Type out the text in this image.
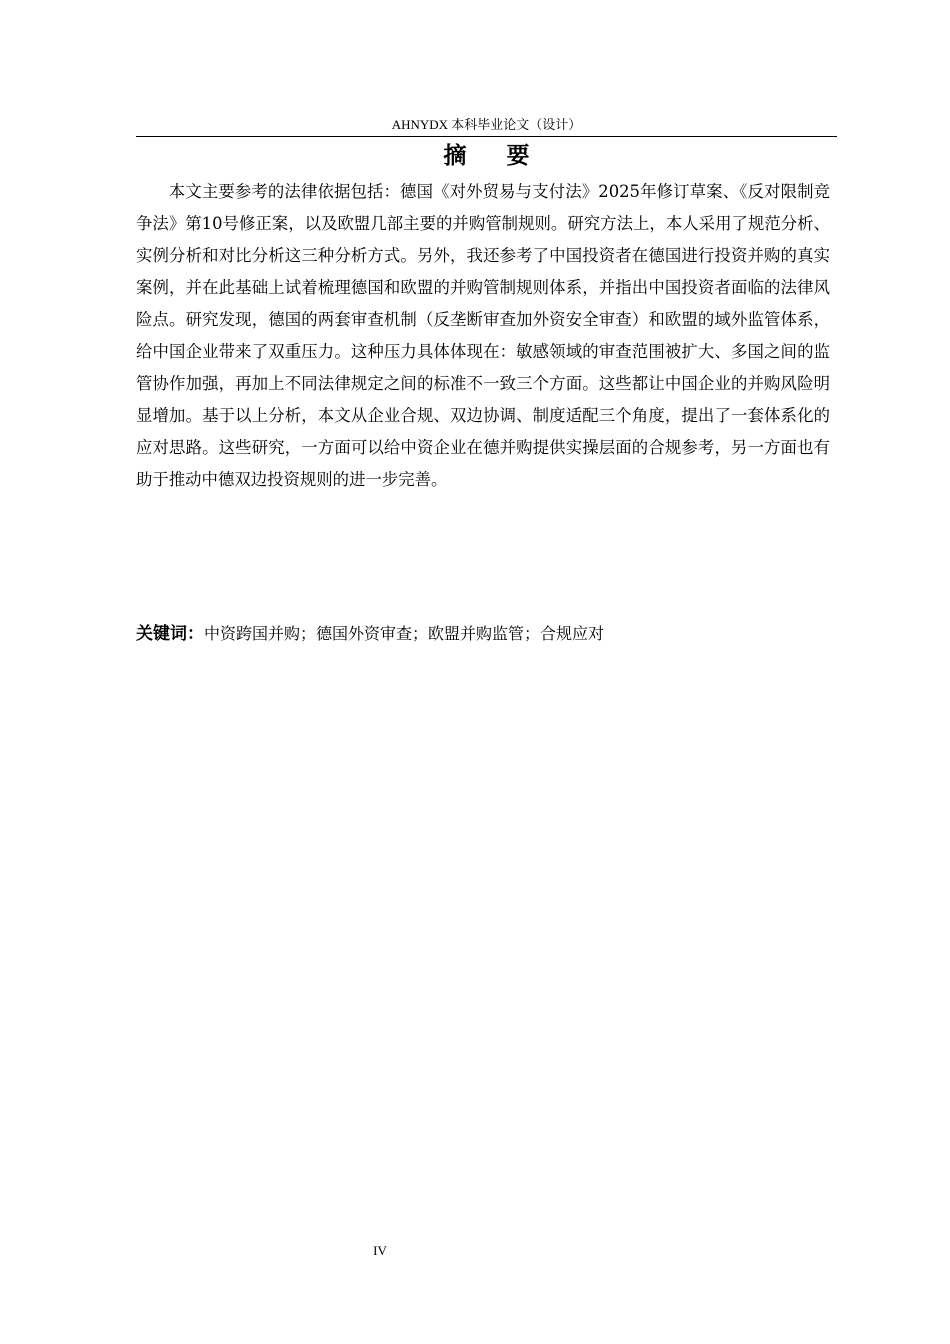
AHNYDX 本科毕业论文（设计）
摘 要

本文主要参考的法律依据包括：德国《对外贸易与支付法》2025年修订草案、《反对限制竞争法》第10号修正案，以及欧盟几部主要的并购管制规则。研究方法上，本人采用了规范分析、实例分析和对比分析这三种分析方式。另外，我还参考了中国投资者在德国进行投资并购的真实案例，并在此基础上试着梳理德国和欧盟的并购管制规则体系，并指出中国投资者面临的法律风险点。研究发现，德国的两套审查机制（反垄断审查加外资安全审查）和欧盟的域外监管体系，给中国企业带来了双重压力。这种压力具体体现在：敏感领域的审查范围被扩大、多国之间的监管协作加强，再加上不同法律规定之间的标准不一致三个方面。这些都让中国企业的并购风险明显增加。基于以上分析，本文从企业合规、双边协调、制度适配三个角度，提出了一套体系化的应对思路。这些研究，一方面可以给中资企业在德并购提供实操层面的合规参考，另一方面也有助于推动中德双边投资规则的进一步完善。

关键词：中资跨国并购；德国外资审查；欧盟并购监管；合规应对
IV
